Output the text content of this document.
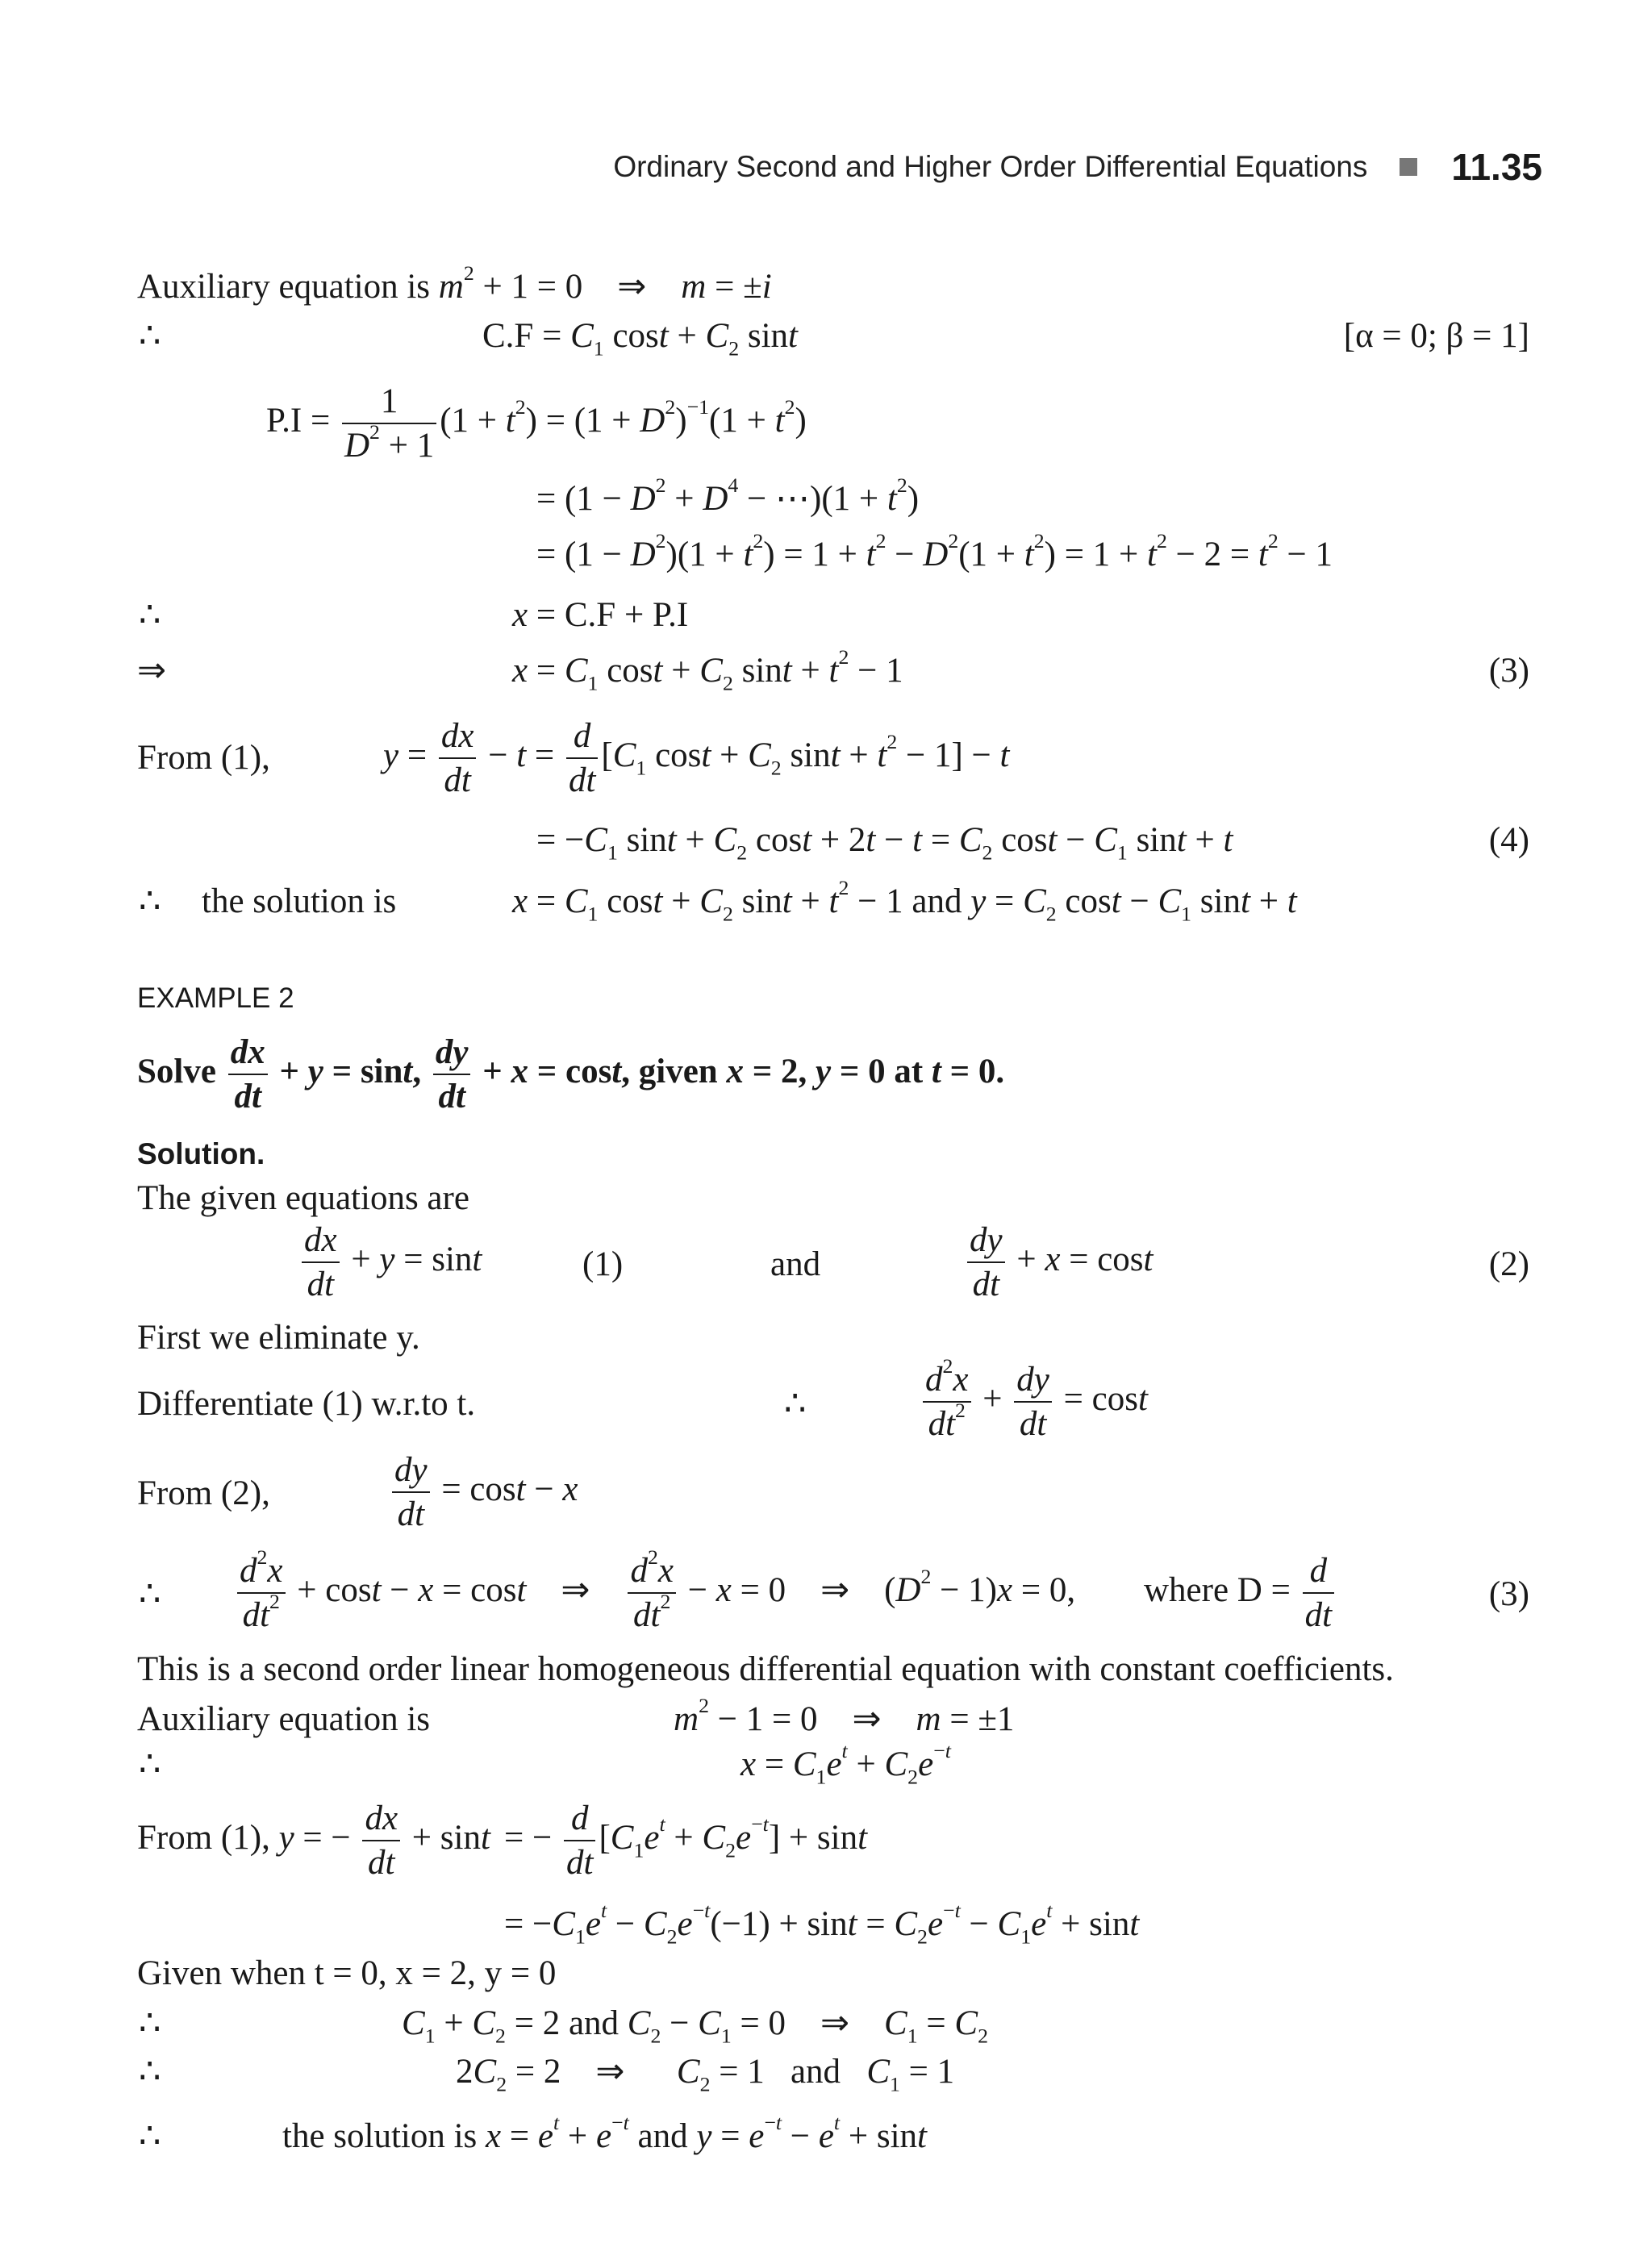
Ordinary Second and Higher Order Differential Equations 11.35
Auxiliary equation is $m^2 + 1 = 0$    ⇒    m = ±i
∴	$C.F = C_1$ $\cos t + C_2$ sint	[α = 0; β = 1]
$P.I = \frac{1}{D^2 + 1} (1 + t^2) = (1 + D^2)^{-1}(1 + t^2)$
= ($1 - D^2 + D^4$ − ⋯)(1 + $t^2$)
= $(1 - D^2)(1 + t^2) = 1 + t^2 - D^2(1 + t^2) = 1 + t^2 - 2 = t^2 - 1$
∴	x = C.F + P.I
⇒	$x = C_1$ $\cos t + C_2$ $\sin t + t^2 - 1$	(3)
From (1),	$y = \frac{dx}{dt} - t = \frac{d}{dt} [C_1$ $\cos t + C_2$ $\sin t + t^2 - 1] - t$
= $-C_1$ $\sin t + C_2$ $\cos t + 2t - t = C_2$ $\cos t - C_1$ sint + t	(4)
∴ the solution is	$x = C_1$ $\cos t + C_2$ $\sin t + t^2 - 1$ and $y = C_2$ $\cos t - C_1$ sint + t
EXAMPLE 2
Solve $\frac{dx}{dt} + y = \sin t$, $\frac{dy}{dt} + x = \cos t$, given x = 2, y = 0 at t = 0.
Solution.
The given equations are
$\frac{dx}{dt} + y = \sin t$	(1)	and	$\frac{dy}{dt} + x = \cos t$	(2)
First we eliminate y.
Differentiate (1) w.r.to t.	∴	$\frac{d^2x}{dt^2} + \frac{dy}{dt} = \cos t$
From (2),	$\frac{dy}{dt} = \cos t - x$
∴ $\frac{d^2x}{dt^2} + \cos t - x = \cos t$    ⇒ $\frac{d^2x}{dt^2} - x = 0$    ⇒    $(D^2 - 1)x = 0$, where $D = \frac{d}{dt}$	(3)
This is a second order linear homogeneous differential equation with constant coefficients.
Auxiliary equation is	$m^2 - 1 = 0$    ⇒    m = ±1
∴	$x = C_1e^t + C_2e^{-t}$
From (1), y = − $\frac{dx}{dt} + \sin t$ = − $\frac{d}{dt} [C_1e^t + C_2e^{-t}] + \sin t$
= $-C_1e^t - C_2e^{-t}(-1) + \sin t = C_2e^{-t} - C_1e^t + \sin t$
Given when t = 0, x = 2, y = 0
∴	$C_1 + C_2 = 2$ and $C_2 - C_1 = 0$    ⇒    $C_1 = C_2$
∴	$2C_2 = 2$    ⇒      $C_2 = 1$   and   $C_1 = 1$
∴	the solution is $x = e^t + e^{-t}$ and $y = e^{-t} - e^t + \sin t$
